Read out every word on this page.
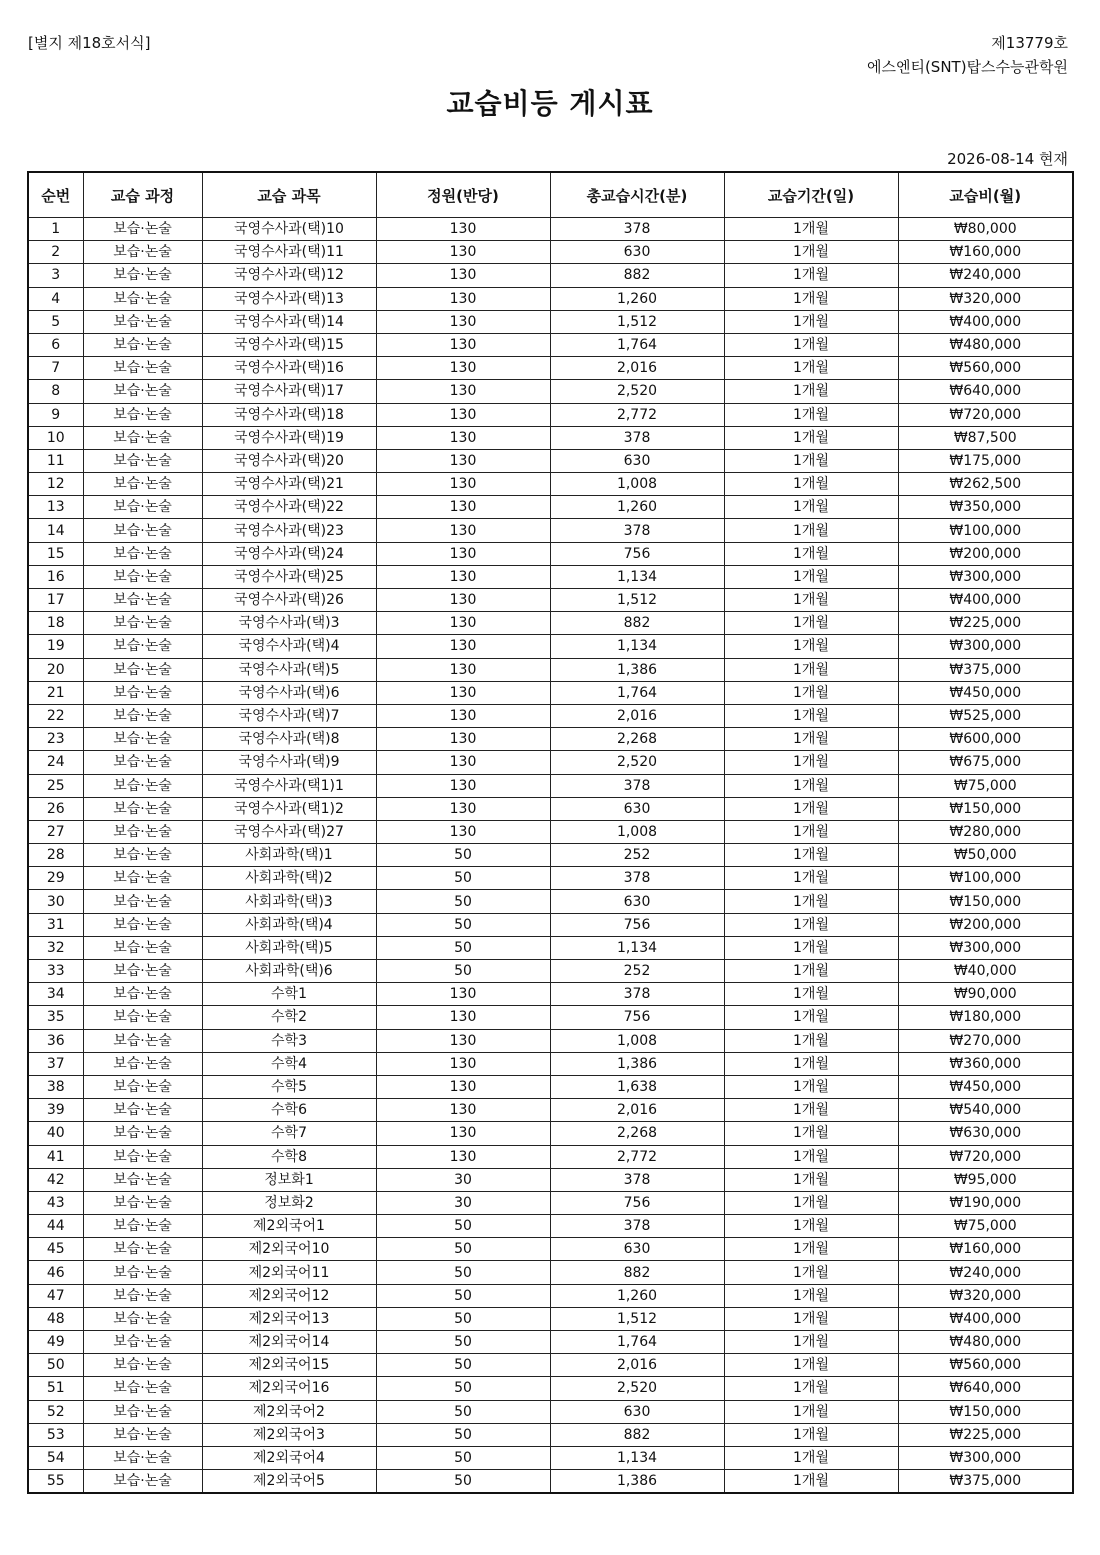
[별지 제18호서식]	제13779호
에스엔티(SNT)탑스수능관학원
교습비등 게시표
2026-08-14 현재
순번	교습 과정	교습 과목	정원(반당)	총교습시간(분)	교습기간(일)	교습비(월)
1	보습·논술	국영수사과(택)10	130	378	1개월	₩80,000
2	보습·논술	국영수사과(택)11	130	630	1개월	₩160,000
3	보습·논술	국영수사과(택)12	130	882	1개월	₩240,000
4	보습·논술	국영수사과(택)13	130	1,260	1개월	₩320,000
5	보습·논술	국영수사과(택)14	130	1,512	1개월	₩400,000
6	보습·논술	국영수사과(택)15	130	1,764	1개월	₩480,000
7	보습·논술	국영수사과(택)16	130	2,016	1개월	₩560,000
8	보습·논술	국영수사과(택)17	130	2,520	1개월	₩640,000
9	보습·논술	국영수사과(택)18	130	2,772	1개월	₩720,000
10	보습·논술	국영수사과(택)19	130	378	1개월	₩87,500
11	보습·논술	국영수사과(택)20	130	630	1개월	₩175,000
12	보습·논술	국영수사과(택)21	130	1,008	1개월	₩262,500
13	보습·논술	국영수사과(택)22	130	1,260	1개월	₩350,000
14	보습·논술	국영수사과(택)23	130	378	1개월	₩100,000
15	보습·논술	국영수사과(택)24	130	756	1개월	₩200,000
16	보습·논술	국영수사과(택)25	130	1,134	1개월	₩300,000
17	보습·논술	국영수사과(택)26	130	1,512	1개월	₩400,000
18	보습·논술	국영수사과(택)3	130	882	1개월	₩225,000
19	보습·논술	국영수사과(택)4	130	1,134	1개월	₩300,000
20	보습·논술	국영수사과(택)5	130	1,386	1개월	₩375,000
21	보습·논술	국영수사과(택)6	130	1,764	1개월	₩450,000
22	보습·논술	국영수사과(택)7	130	2,016	1개월	₩525,000
23	보습·논술	국영수사과(택)8	130	2,268	1개월	₩600,000
24	보습·논술	국영수사과(택)9	130	2,520	1개월	₩675,000
25	보습·논술	국영수사과(택1)1	130	378	1개월	₩75,000
26	보습·논술	국영수사과(택1)2	130	630	1개월	₩150,000
27	보습·논술	국영수사과(택)27	130	1,008	1개월	₩280,000
28	보습·논술	사회과학(택)1	50	252	1개월	₩50,000
29	보습·논술	사회과학(택)2	50	378	1개월	₩100,000
30	보습·논술	사회과학(택)3	50	630	1개월	₩150,000
31	보습·논술	사회과학(택)4	50	756	1개월	₩200,000
32	보습·논술	사회과학(택)5	50	1,134	1개월	₩300,000
33	보습·논술	사회과학(택)6	50	252	1개월	₩40,000
34	보습·논술	수학1	130	378	1개월	₩90,000
35	보습·논술	수학2	130	756	1개월	₩180,000
36	보습·논술	수학3	130	1,008	1개월	₩270,000
37	보습·논술	수학4	130	1,386	1개월	₩360,000
38	보습·논술	수학5	130	1,638	1개월	₩450,000
39	보습·논술	수학6	130	2,016	1개월	₩540,000
40	보습·논술	수학7	130	2,268	1개월	₩630,000
41	보습·논술	수학8	130	2,772	1개월	₩720,000
42	보습·논술	정보화1	30	378	1개월	₩95,000
43	보습·논술	정보화2	30	756	1개월	₩190,000
44	보습·논술	제2외국어1	50	378	1개월	₩75,000
45	보습·논술	제2외국어10	50	630	1개월	₩160,000
46	보습·논술	제2외국어11	50	882	1개월	₩240,000
47	보습·논술	제2외국어12	50	1,260	1개월	₩320,000
48	보습·논술	제2외국어13	50	1,512	1개월	₩400,000
49	보습·논술	제2외국어14	50	1,764	1개월	₩480,000
50	보습·논술	제2외국어15	50	2,016	1개월	₩560,000
51	보습·논술	제2외국어16	50	2,520	1개월	₩640,000
52	보습·논술	제2외국어2	50	630	1개월	₩150,000
53	보습·논술	제2외국어3	50	882	1개월	₩225,000
54	보습·논술	제2외국어4	50	1,134	1개월	₩300,000
55	보습·논술	제2외국어5	50	1,386	1개월	₩375,000
